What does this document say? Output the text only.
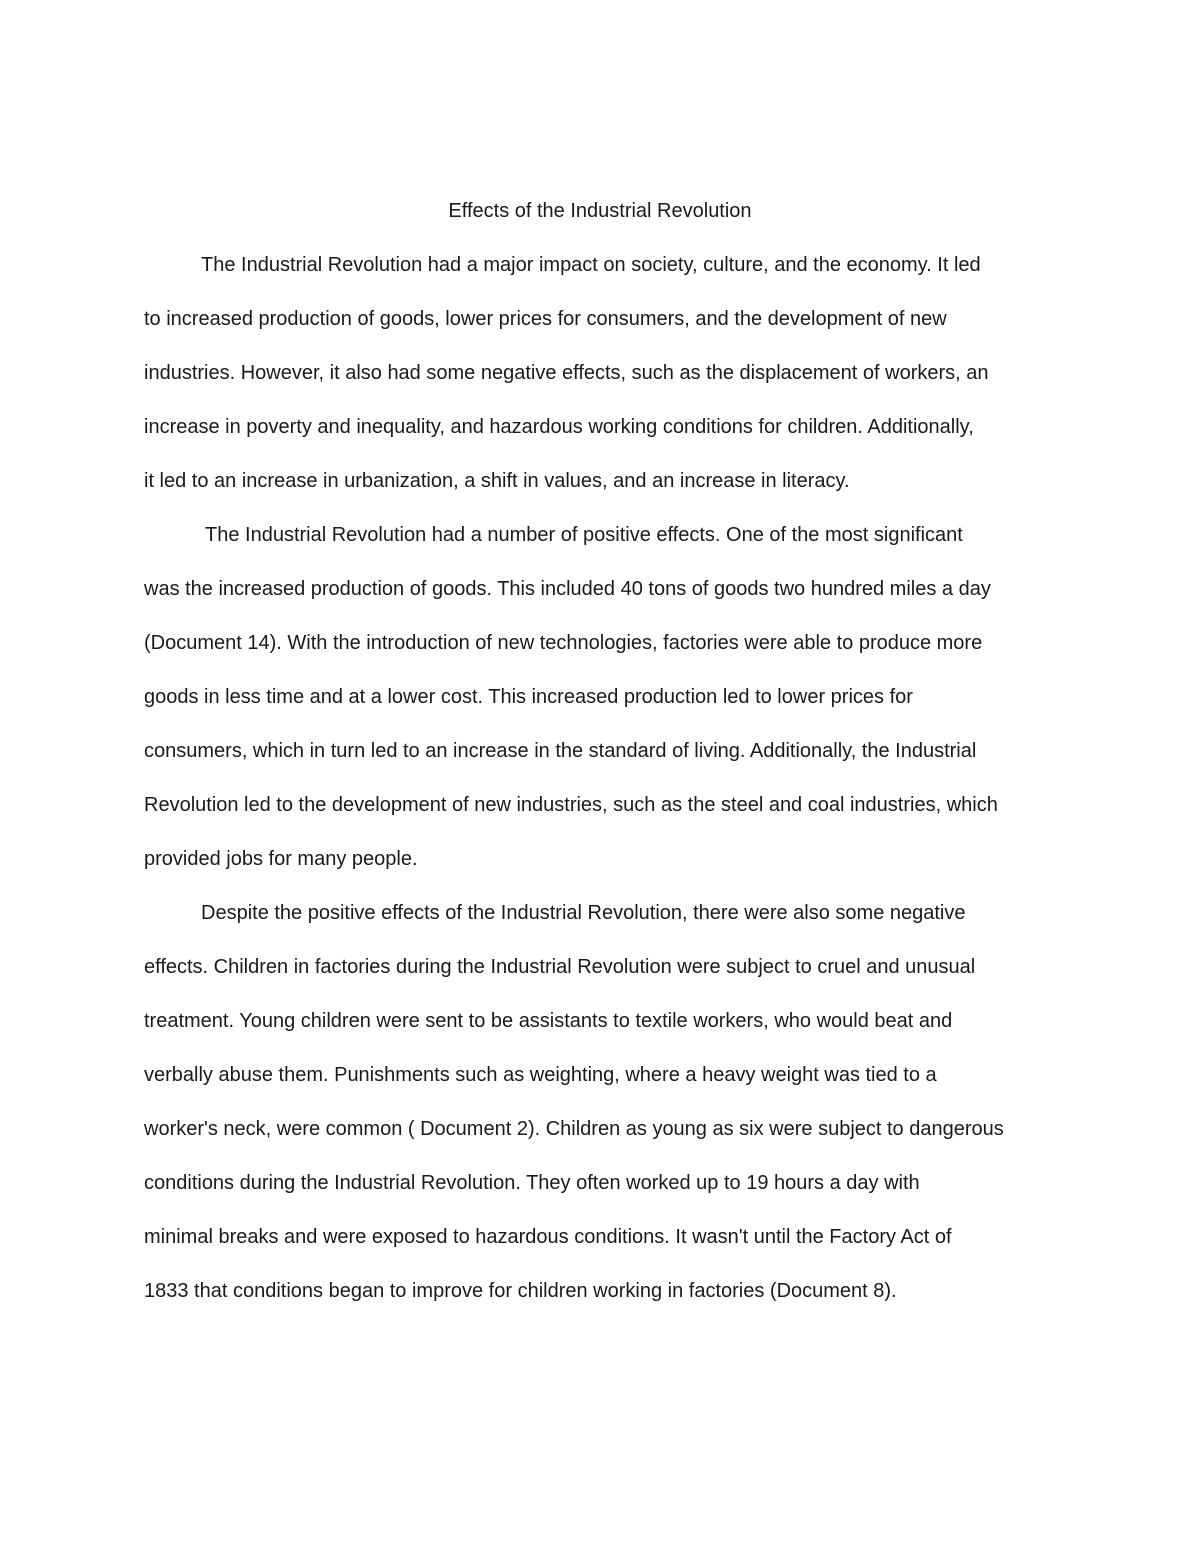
Effects of the Industrial Revolution

The Industrial Revolution had a major impact on society, culture, and the economy. It led

to increased production of goods, lower prices for consumers, and the development of new

industries. However, it also had some negative effects, such as the displacement of workers, an

increase in poverty and inequality, and hazardous working conditions for children. Additionally,

it led to an increase in urbanization, a shift in values, and an increase in literacy.

The Industrial Revolution had a number of positive effects. One of the most significant

was the increased production of goods. This included 40 tons of goods two hundred miles a day

(Document 14). With the introduction of new technologies, factories were able to produce more

goods in less time and at a lower cost. This increased production led to lower prices for

consumers, which in turn led to an increase in the standard of living. Additionally, the Industrial

Revolution led to the development of new industries, such as the steel and coal industries, which

provided jobs for many people.

Despite the positive effects of the Industrial Revolution, there were also some negative

effects. Children in factories during the Industrial Revolution were subject to cruel and unusual

treatment. Young children were sent to be assistants to textile workers, who would beat and

verbally abuse them. Punishments such as weighting, where a heavy weight was tied to a

worker's neck, were common ( Document 2). Children as young as six were subject to dangerous

conditions during the Industrial Revolution. They often worked up to 19 hours a day with

minimal breaks and were exposed to hazardous conditions. It wasn't until the Factory Act of

1833 that conditions began to improve for children working in factories (Document 8).
